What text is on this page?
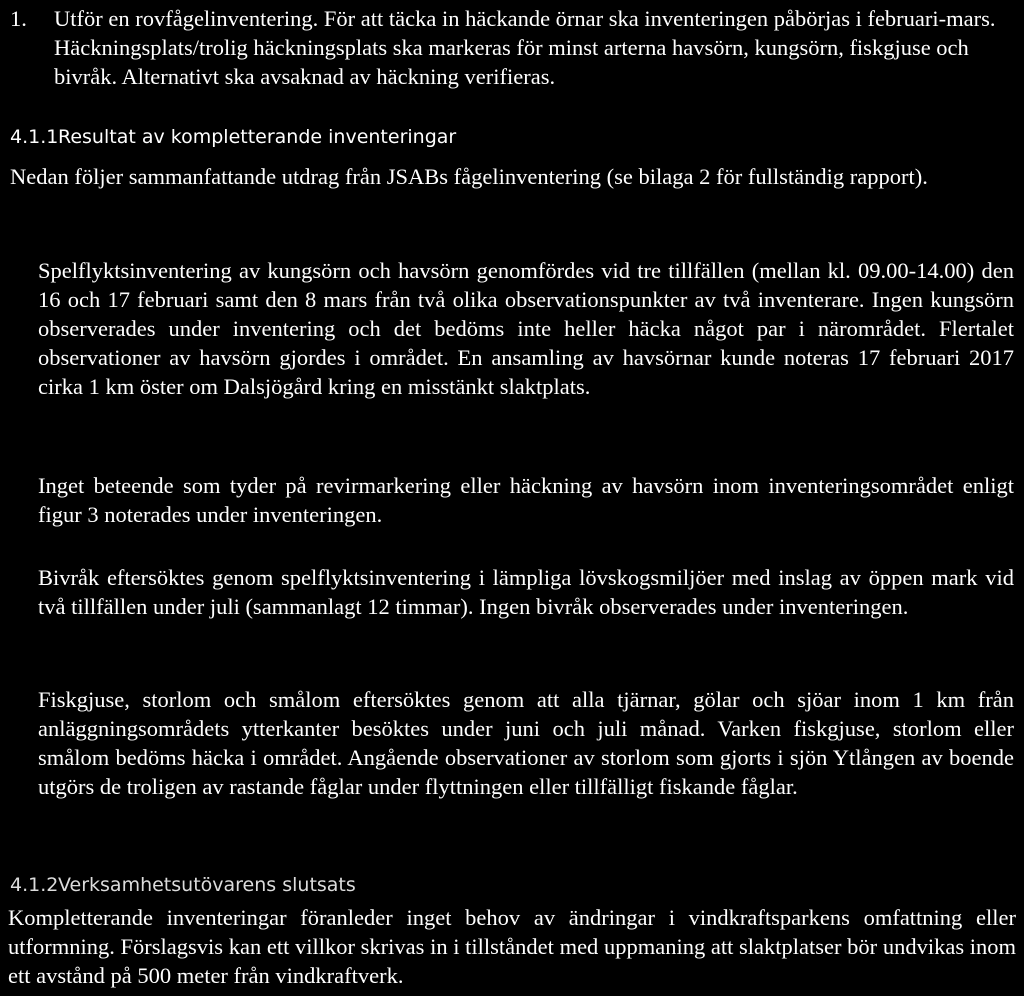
1. Utför en rovfågelinventering. För att täcka in häckande örnar ska inventeringen påbörjas i februari-mars. Häckningsplats/trolig häckningsplats ska markeras för minst arterna havsörn, kungsörn, fiskgjuse och bivråk. Alternativt ska avsaknad av häckning verifieras.
4.1.1Resultat av kompletterande inventeringar

Nedan följer sammanfattande utdrag från JSABs fågelinventering (se bilaga 2 för fullständig rapport).

Spelflyktsinventering av kungsörn och havsörn genomfördes vid tre tillfällen (mellan kl. 09.00-14.00) den 16 och 17 februari samt den 8 mars från två olika observationspunkter av två inventerare. Ingen kungsörn observerades under inventering och det bedöms inte heller häcka något par i närområdet. Flertalet observationer av havsörn gjordes i området. En ansamling av havsörnar kunde noteras 17 februari 2017 cirka 1 km öster om Dalsjögård kring en misstänkt slaktplats.

Inget beteende som tyder på revirmarkering eller häckning av havsörn inom inventeringsområdet enligt figur 3 noterades under inventeringen.

Bivråk eftersöktes genom spelflyktsinventering i lämpliga lövskogsmiljöer med inslag av öppen mark vid två tillfällen under juli (sammanlagt 12 timmar). Ingen bivråk observerades under inventeringen.

Fiskgjuse, storlom och smålom eftersöktes genom att alla tjärnar, gölar och sjöar inom 1 km från anläggningsområdets ytterkanter besöktes under juni och juli månad. Varken fiskgjuse, storlom eller smålom bedöms häcka i området. Angående observationer av storlom som gjorts i sjön Ytlången av boende utgörs de troligen av rastande fåglar under flyttningen eller tillfälligt fiskande fåglar.

4.1.2Verksamhetsutövarens slutsats

Kompletterande inventeringar föranleder inget behov av ändringar i vindkraftsparkens omfattning eller utformning. Förslagsvis kan ett villkor skrivas in i tillståndet med uppmaning att slaktplatser bör undvikas inom ett avstånd på 500 meter från vindkraftverk.
